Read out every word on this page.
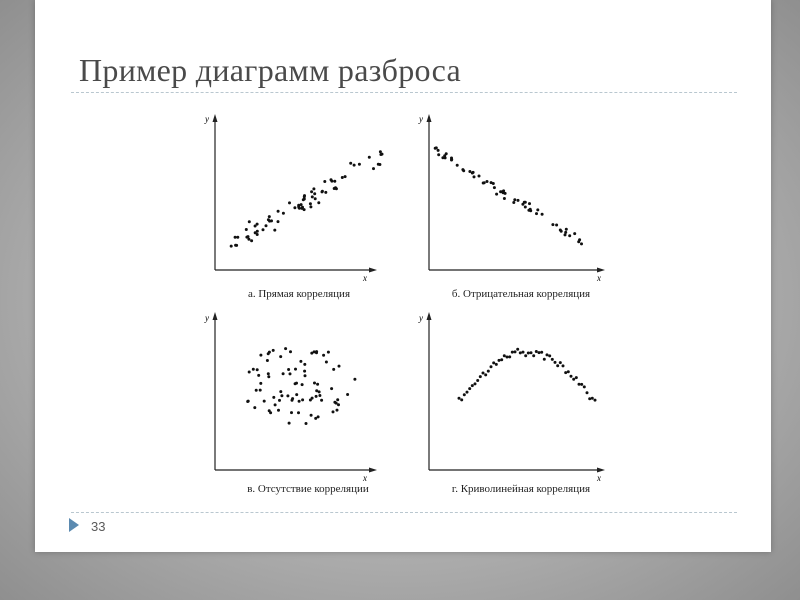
Пример диаграмм разброса
y
x
а. Прямая корреляция
y
x
б. Отрицательная корреляция
y
x
в. Отсутствие корреляции
y
x
г. Криволинейная корреляция
33
